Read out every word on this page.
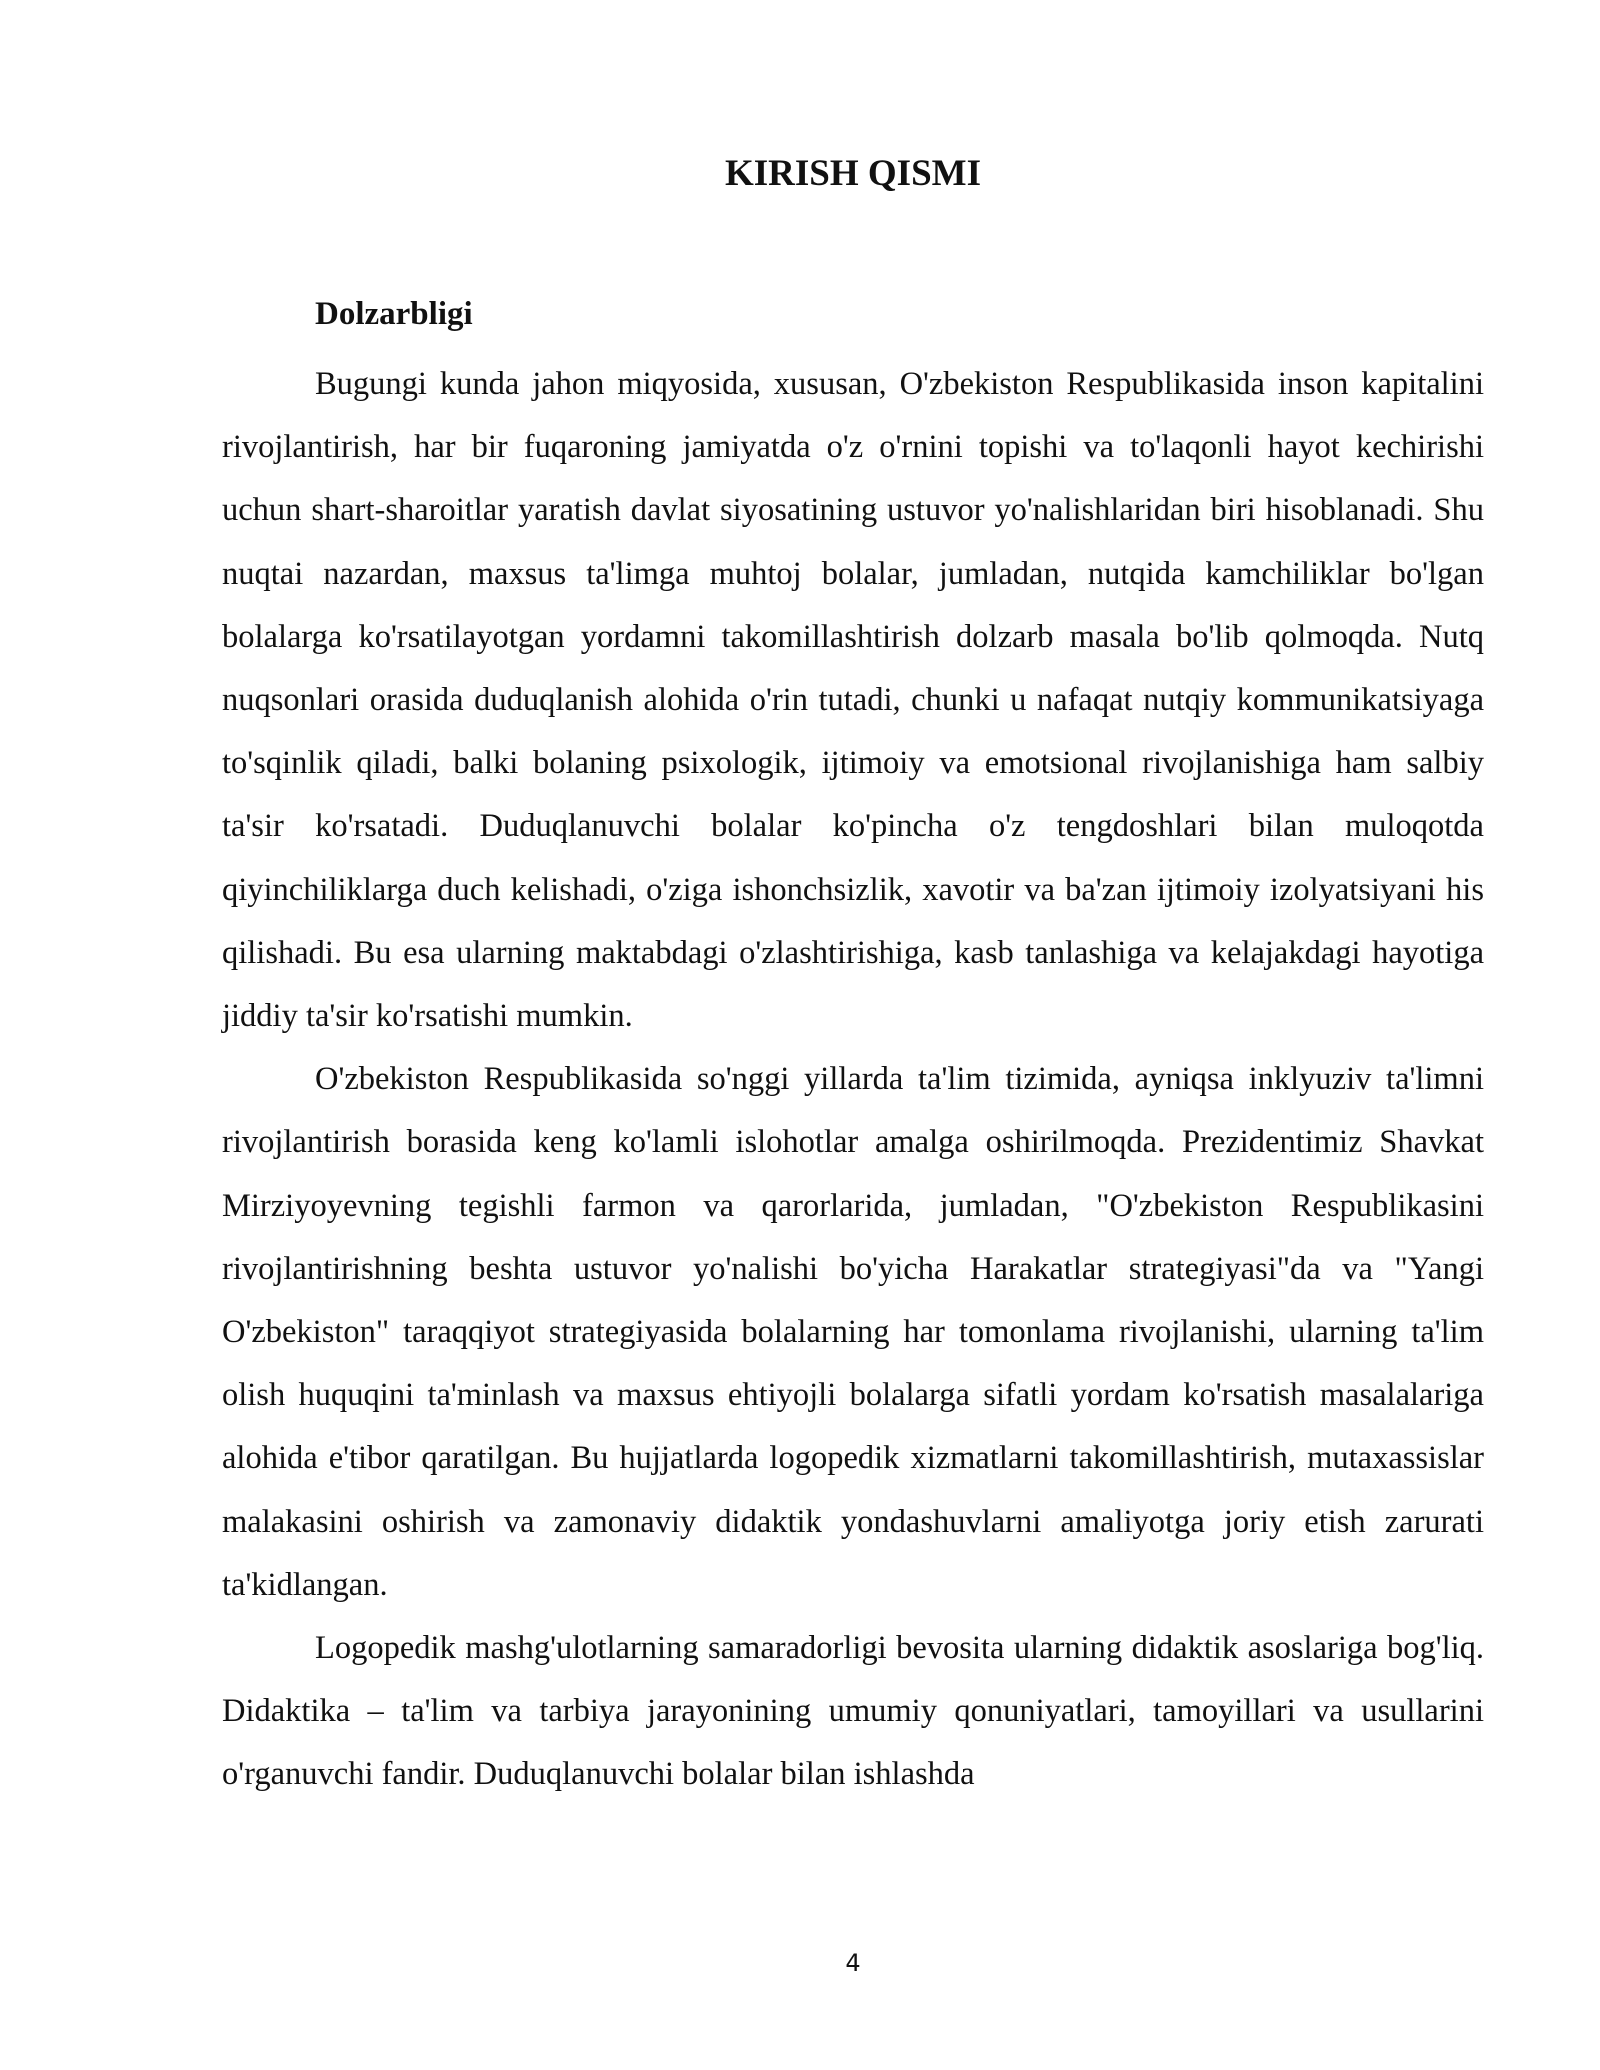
KIRISH QISMI
Dolzarbligi

Bugungi kunda jahon miqyosida, xususan, O'zbekiston Respublikasida inson kapitalini rivojlantirish, har bir fuqaroning jamiyatda o'z o'rnini topishi va to'laqonli hayot kechirishi uchun shart-sharoitlar yaratish davlat siyosatining ustuvor yo'nalishlaridan biri hisoblanadi. Shu nuqtai nazardan, maxsus ta'limga muhtoj bolalar, jumladan, nutqida kamchiliklar bo'lgan bolalarga ko'rsatilayotgan yordamni takomillashtirish dolzarb masala bo'lib qolmoqda. Nutq nuqsonlari orasida duduqlanish alohida o'rin tutadi, chunki u nafaqat nutqiy kommunikatsiyaga to'sqinlik qiladi, balki bolaning psixologik, ijtimoiy va emotsional rivojlanishiga ham salbiy ta'sir ko'rsatadi. Duduqlanuvchi bolalar ko'pincha o'z tengdoshlari bilan muloqotda qiyinchiliklarga duch kelishadi, o'ziga ishonchsizlik, xavotir va ba'zan ijtimoiy izolyatsiyani his qilishadi. Bu esa ularning maktabdagi o'zlashtirishiga, kasb tanlashiga va kelajakdagi hayotiga jiddiy ta'sir ko'rsatishi mumkin.

O'zbekiston Respublikasida so'nggi yillarda ta'lim tizimida, ayniqsa inklyuziv ta'limni rivojlantirish borasida keng ko'lamli islohotlar amalga oshirilmoqda. Prezidentimiz Shavkat Mirziyoyevning tegishli farmon va qarorlarida, jumladan, "O'zbekiston Respublikasini rivojlantirishning beshta ustuvor yo'nalishi bo'yicha Harakatlar strategiyasi"da va "Yangi O'zbekiston" taraqqiyot strategiyasida bolalarning har tomonlama rivojlanishi, ularning ta'lim olish huquqini ta'minlash va maxsus ehtiyojli bolalarga sifatli yordam ko'rsatish masalalariga alohida e'tibor qaratilgan. Bu hujjatlarda logopedik xizmatlarni takomillashtirish, mutaxassislar malakasini oshirish va zamonaviy didaktik yondashuvlarni amaliyotga joriy etish zarurati ta'kidlangan.

Logopedik mashg'ulotlarning samaradorligi bevosita ularning didaktik asoslariga bog'liq. Didaktika – ta'lim va tarbiya jarayonining umumiy qonuniyatlari, tamoyillari va usullarini o'rganuvchi fandir. Duduqlanuvchi bolalar bilan ishlashda

4
